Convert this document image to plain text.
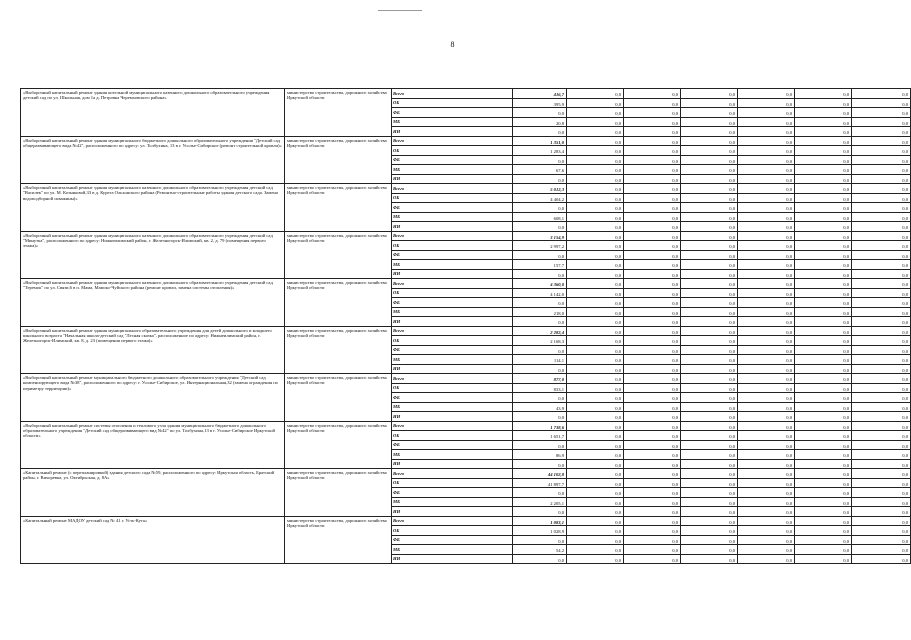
8
«Выборочный капитальный ремонт здания котельной муниципального казенного дошкольного образовательного учреждения детский сад по ул. Школьная, дом 1а д. Петровка Черемховского района»	министерство строительства, дорожного хозяйства Иркутской области	Всего	416,7	0,0	0,0	0,0	0,0	0,0	0,0
		ОБ	395,9	0,0	0,0	0,0	0,0	0,0	0,0
		ФБ	0,0	0,0	0,0	0,0	0,0	0,0	0,0
		МБ	20,8	0,0	0,0	0,0	0,0	0,0	0,0
		ИИ	0,0	0,0	0,0	0,0	0,0	0,0	0,0
«Выборочный капитальный ремонт здания муниципального бюджетного дошкольного образовательного учреждения "Детский сад общеразвивающего вида №42", расположенного по адресу: ул. Толбухина, 13 в г. Усолье-Сибирское (ремонт строительной кровли)»	министерство строительства, дорожного хозяйства Иркутской области	Всего	1 351,0	0,0	0,0	0,0	0,0	0,0	0,0
		ОБ	1 283,4	0,0	0,0	0,0	0,0	0,0	0,0
		ФБ	0,0	0,0	0,0	0,0	0,0	0,0	0,0
		МБ	67,6	0,0	0,0	0,0	0,0	0,0	0,0
		ИИ	0,0	0,0	0,0	0,0	0,0	0,0	0,0
«Выборочный капитальный ремонт здания муниципального казенного дошкольного образовательного учреждения детский сад "Василек" по ул. М. Козьяковой,33 в д. Курега Ольхонского района (Ремонтно-строительные работы здания детского сада. Замена водоподборной скважины)»	министерство строительства, дорожного хозяйства Иркутской области	Всего	5 012,3	0,0	0,0	0,0	0,0	0,0	0,0
		ОБ	4 404,2	0,0	0,0	0,0	0,0	0,0	0,0
		ФБ	0,0	0,0	0,0	0,0	0,0	0,0	0,0
		МБ	608,1	0,0	0,0	0,0	0,0	0,0	0,0
		ИИ	0,0	0,0	0,0	0,0	0,0	0,0	0,0
«Выборочный капитальный ремонт здания муниципального казенного дошкольного образовательного учреждения детский сад "Минутка", расположенного по адресу: Нижнеилимский район, г. Железногорск-Илимский, кв. 2, д. 79 (помещения первого этажа)»	министерство строительства, дорожного хозяйства Иркутской области	Всего	3 154,9	0,0	0,0	0,0	0,0	0,0	0,0
		ОБ	2 997,2	0,0	0,0	0,0	0,0	0,0	0,0
		ФБ	0,0	0,0	0,0	0,0	0,0	0,0	0,0
		МБ	157,7	0,0	0,0	0,0	0,0	0,0	0,0
		ИИ	0,0	0,0	0,0	0,0	0,0	0,0	0,0
«Выборочный капитальный ремонт здания муниципального казенного дошкольного образовательного учреждения детский сад "Теремок" по ул. Связи,6 в п. Мама, Мамско-Чуйского района (ремонт кровли, замена системы отопления)»	министерство строительства, дорожного хозяйства Иркутской области	Всего	4 360,0	0,0	0,0	0,0	0,0	0,0	0,0
		ОБ	4 142,0	0,0	0,0	0,0	0,0	0,0	0,0
		ФБ	0,0	0,0	0,0	0,0	0,0	0,0	0,0
		МБ	218,0	0,0	0,0	0,0	0,0	0,0	0,0
		ИИ	0,0	0,0	0,0	0,0	0,0	0,0	0,0
«Выборочный капитальный ремонт здания муниципального образовательного учреждения для детей дошкольного и младшего школьного возраста "Начальная школа-детский сад "Лесная сказка", расположенное по адресу: Нижнеилимский район, г. Железногорск-Илимский, кв. 8, д. 23 (помещения первого этажа)»	министерство строительства, дорожного хозяйства Иркутской области	Всего	2 282,4	0,0	0,0	0,0	0,0	0,0	0,0
		ОБ	2 168,3	0,0	0,0	0,0	0,0	0,0	0,0
		ФБ	0,0	0,0	0,0	0,0	0,0	0,0	0,0
		МБ	114,1	0,0	0,0	0,0	0,0	0,0	0,0
		ИИ	0,0	0,0	0,0	0,0	0,0	0,0	0,0
«Выборочный капитальный ремонт муниципального бюджетного дошкольного образовательного учреждения "Детский сад компенсирующего вида №38", расположенного по адресу: г. Усолье-Сибирское, ул. Интернациональная,32 (замена ограждения по периметру территории)»	министерство строительства, дорожного хозяйства Иркутской области	Всего	877,0	0,0	0,0	0,0	0,0	0,0	0,0
		ОБ	833,1	0,0	0,0	0,0	0,0	0,0	0,0
		ФБ	0,0	0,0	0,0	0,0	0,0	0,0	0,0
		МБ	43,9	0,0	0,0	0,0	0,0	0,0	0,0
		ИИ	0,0	0,0	0,0	0,0	0,0	0,0	0,0
«Выборочный капитальный ремонт системы отопления и теплового узла здания муниципального бюджетного дошкольного образовательного учреждения "Детский сад общеразвивающего вид №42" по ул. Толбухина,13 в г. Усолье-Сибирское Иркутской области»	министерство строительства, дорожного хозяйства Иркутской области	Всего	1 738,6	0,0	0,0	0,0	0,0	0,0	0,0
		ОБ	1 651,7	0,0	0,0	0,0	0,0	0,0	0,0
		ФБ	0,0	0,0	0,0	0,0	0,0	0,0	0,0
		МБ	86,9	0,0	0,0	0,0	0,0	0,0	0,0
		ИИ	0,0	0,0	0,0	0,0	0,0	0,0	0,0
«Капитальный ремонт (с перепланировкой) здания детского сада №59, расположенного по адресу: Иркутская область, Братский район, г. Вихоревка, ул. Октябрьская, д. 8А»	министерство строительства, дорожного хозяйства Иркутской области	Всего	44 102,8	0,0	0,0	0,0	0,0	0,0	0,0
		ОБ	41 897,7	0,0	0,0	0,0	0,0	0,0	0,0
		ФБ	0,0	0,0	0,0	0,0	0,0	0,0	0,0
		МБ	2 205,1	0,0	0,0	0,0	0,0	0,0	0,0
		ИИ	0,0	0,0	0,0	0,0	0,0	0,0	0,0
«Капитальный ремонт МАДОУ детский сад № 41 г. Усть-Кута»	министерство строительства, дорожного хозяйства Иркутской области	Всего	1 083,1	0,0	0,0	0,0	0,0	0,0	0,0
		ОБ	1 028,9	0,0	0,0	0,0	0,0	0,0	0,0
		ФБ	0,0	0,0	0,0	0,0	0,0	0,0	0,0
		МБ	54,2	0,0	0,0	0,0	0,0	0,0	0,0
		ИИ	0,0	0,0	0,0	0,0	0,0	0,0	0,0
